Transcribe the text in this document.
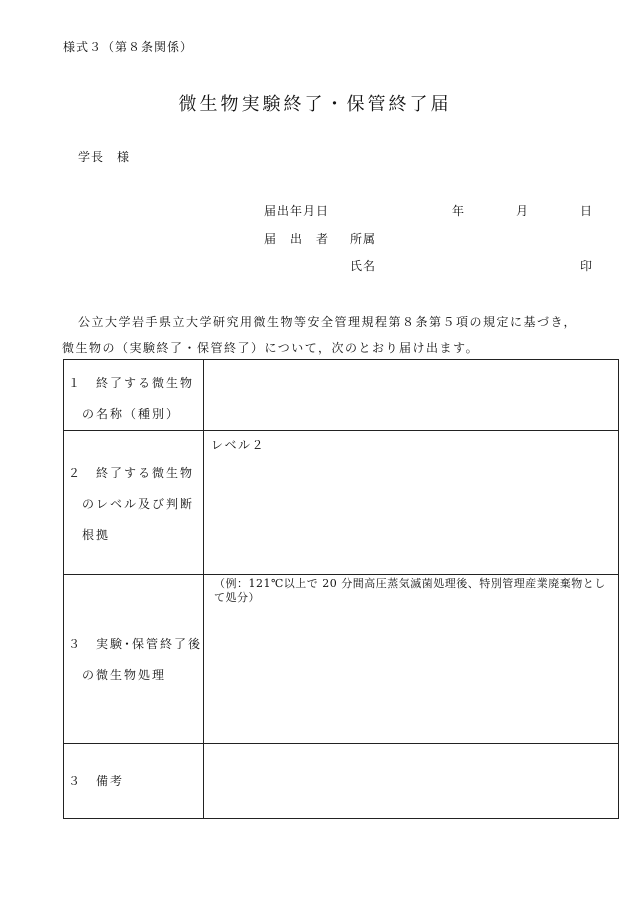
様式３（第８条関係）
微生物実験終了・保管終了届
学長　様
届出年月日	年	月	日
届　出　者 所属
氏名	印
公立大学岩手県立大学研究用微生物等安全管理規程第８条第５項の規定に基づき，
微生物の（実験終了・保管終了）について，次のとおり届け出ます。
１　終了する微生物
　の名称（種別）	

２　終了する微生物
　のレベル及び判断
　根拠	レベル２

３　実験･保管終了後
　の微生物処理	（例：121℃以上で 20 分間高圧蒸気滅菌処理後、特別管理産業廃棄物として処分）

３　備考	
